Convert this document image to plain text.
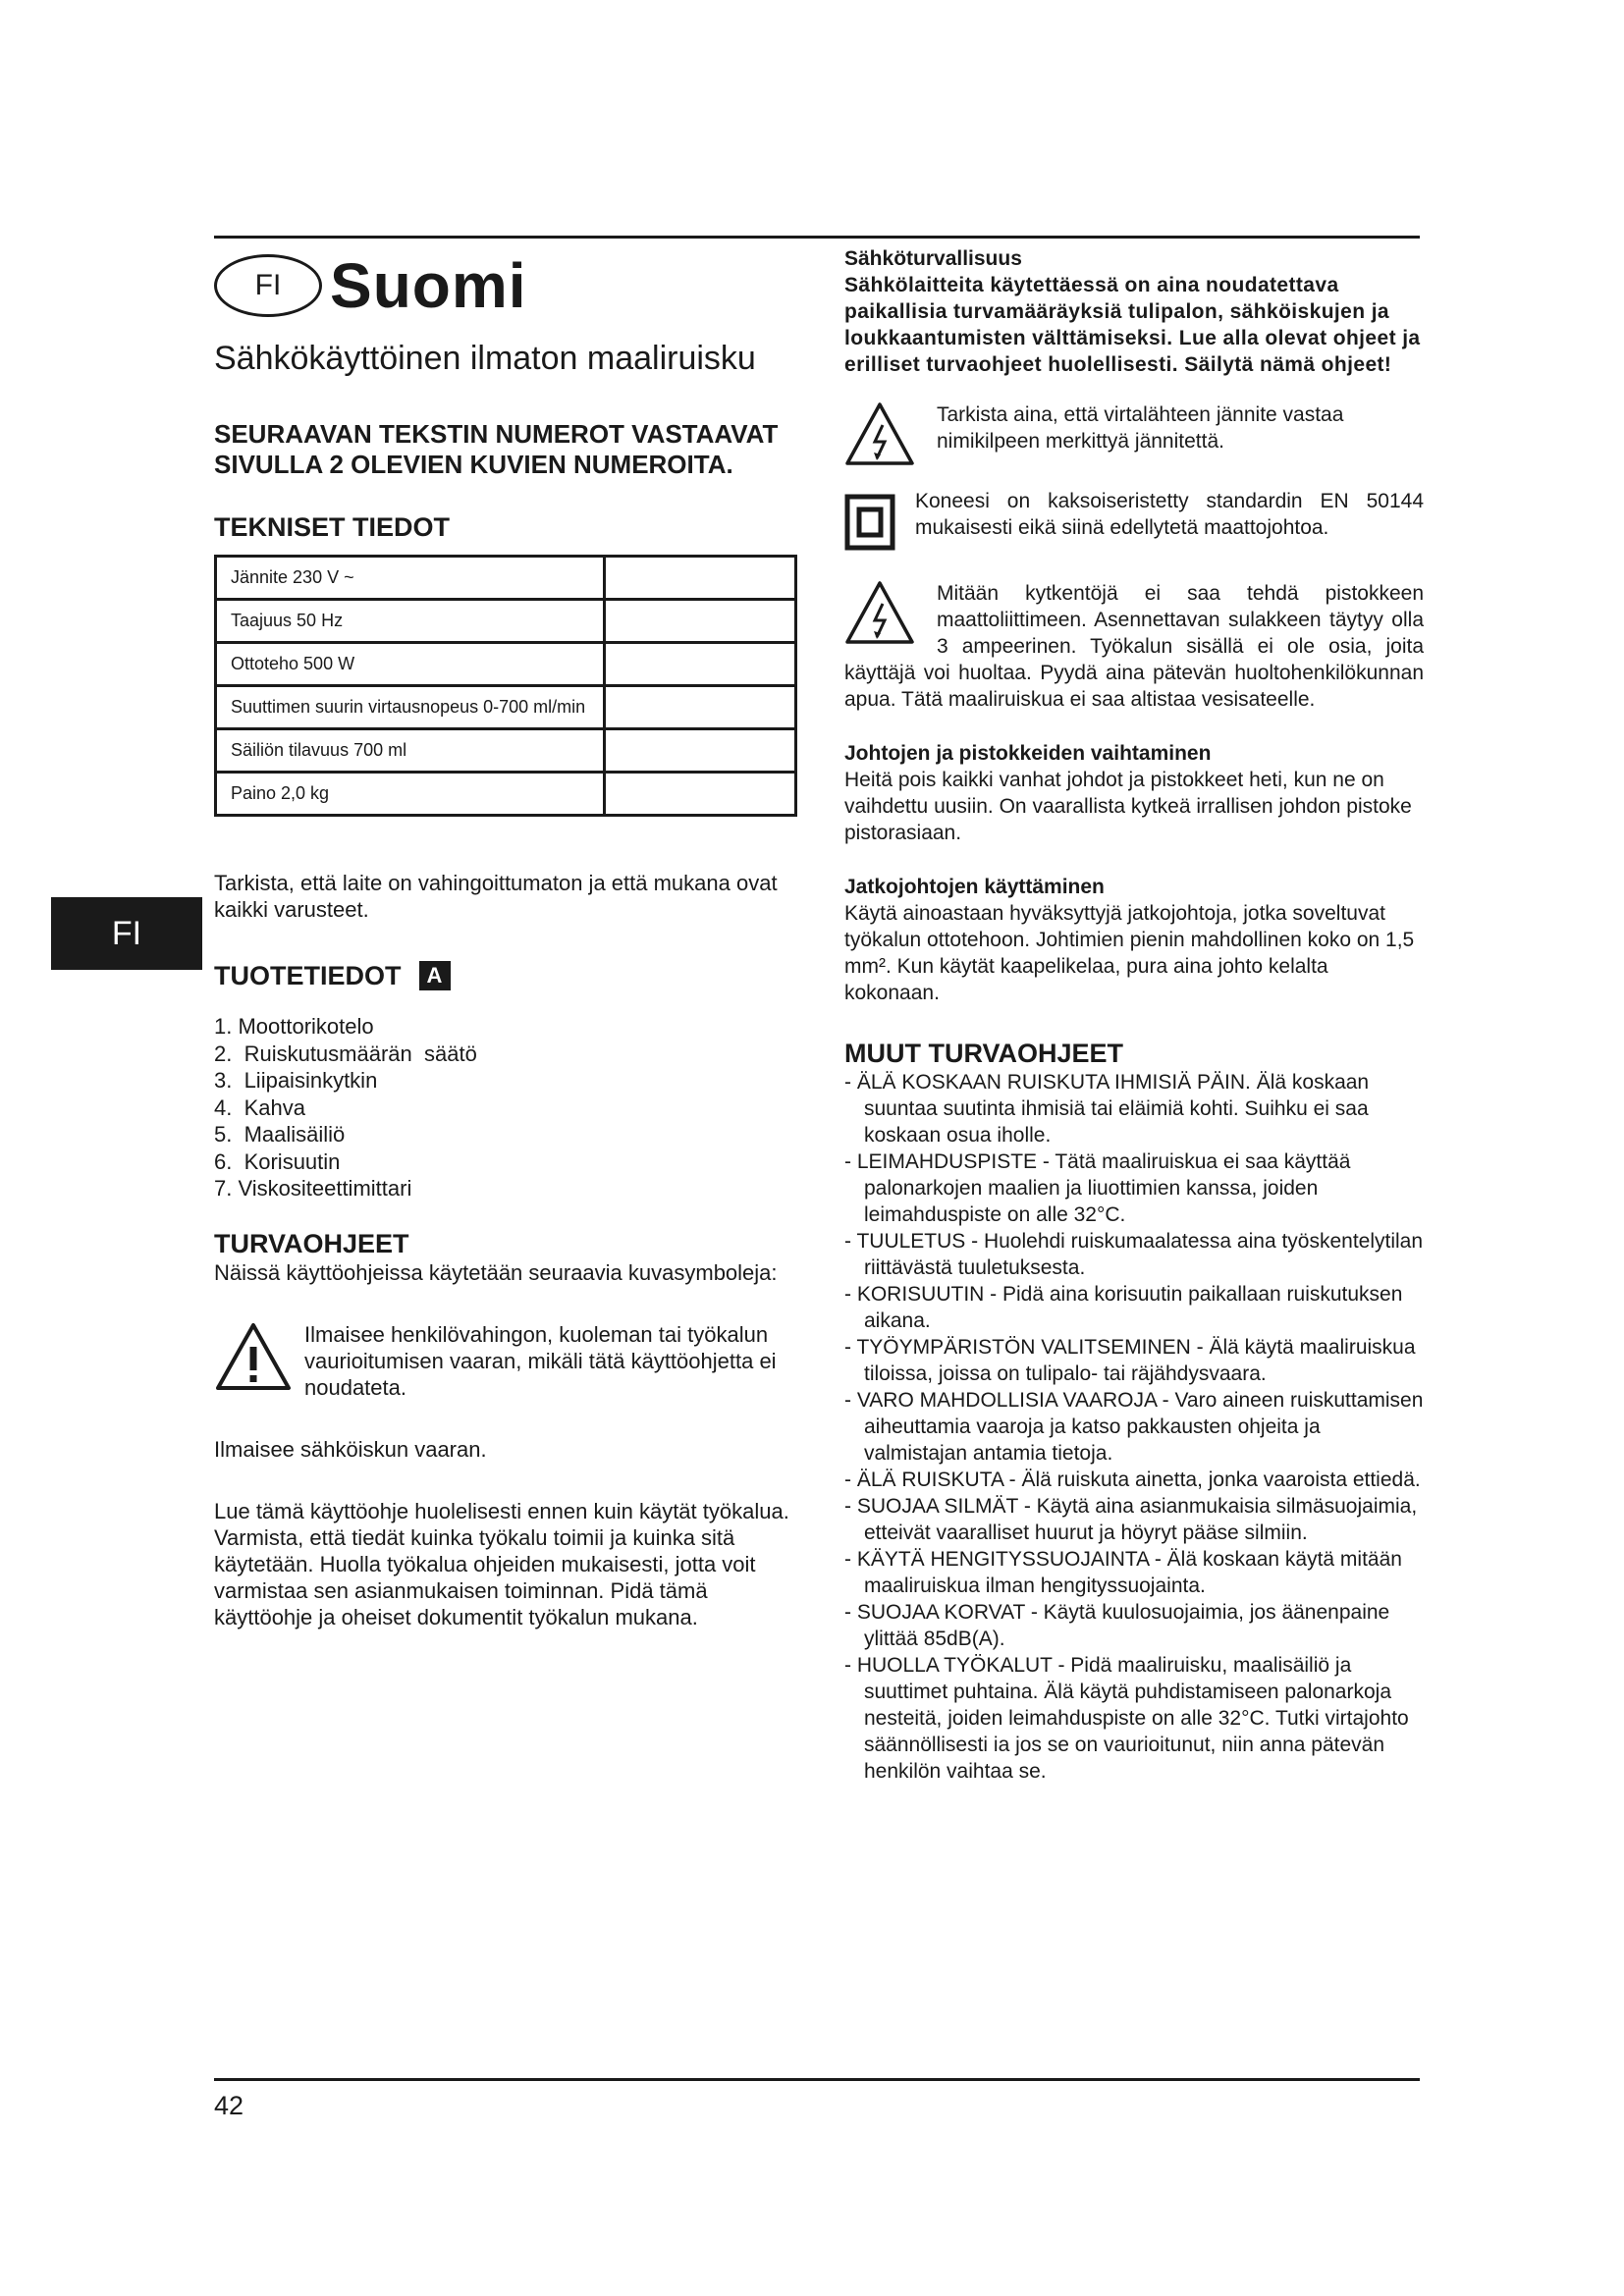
FI
FI Suomi
Sähkökäyttöinen ilmaton maaliruisku
SEURAAVAN TEKSTIN NUMEROT VASTAAVAT SIVULLA 2 OLEVIEN KUVIEN NUMEROITA.
TEKNISET TIEDOT
Jännite 230 V ~	
Taajuus 50 Hz	
Ottoteho 500 W	
Suuttimen suurin virtausnopeus 0-700 ml/min	
Säiliön tilavuus 700 ml	
Paino 2,0 kg	
Tarkista, että laite on vahingoittumaton ja että mukana ovat kaikki varusteet.
TUOTETIEDOT	A
1. Moottorikotelo
2.  Ruiskutusmäärän  säätö
3.  Liipaisinkytkin
4.  Kahva
5.  Maalisäiliö
6.  Korisuutin
7. Viskositeettimittari
TURVAOHJEET
Näissä käyttöohjeissa käytetään seuraavia kuvasymboleja:
Ilmaisee henkilövahingon, kuoleman tai työkalun vaurioitumisen vaaran, mikäli tätä käyttöohjetta ei noudateta.
Ilmaisee sähköiskun vaaran.
Lue tämä käyttöohje huolelisesti ennen kuin käytät työkalua. Varmista, että tiedät kuinka työkalu toimii ja kuinka sitä käytetään. Huolla työkalua ohjeiden mukaisesti, jotta voit varmistaa sen asianmukaisen toiminnan. Pidä tämä käyttöohje ja oheiset dokumentit työkalun mukana.
Sähköturvallisuus
Sähkölaitteita käytettäessä on aina noudatettava paikallisia turvamääräyksiä tulipalon, sähköiskujen ja loukkaantumisten välttämiseksi. Lue alla olevat ohjeet ja erilliset turvaohjeet huolellisesti. Säilytä nämä ohjeet!
Tarkista aina, että virtalähteen jännite vastaa nimikilpeen merkittyä jännitettä.
Koneesi on kaksoiseristetty standardin EN 50144 mukaisesti eikä siinä edellytetä maattojohtoa.
Mitään kytkentöjä ei saa tehdä pistokkeen maattoliittimeen. Asennettavan sulakkeen täytyy olla 3 ampeerinen. Työkalun sisällä ei ole osia, joita käyttäjä voi huoltaa. Pyydä aina pätevän huoltohenkilökunnan apua. Tätä maaliruiskua ei saa altistaa vesisateelle.
Johtojen ja pistokkeiden vaihtaminen
Heitä pois kaikki vanhat johdot ja pistokkeet heti, kun ne on vaihdettu uusiin. On vaarallista kytkeä irrallisen johdon pistoke pistorasiaan.
Jatkojohtojen käyttäminen
Käytä ainoastaan hyväksyttyjä jatkojohtoja, jotka soveltuvat työkalun ottotehoon. Johtimien pienin mahdollinen koko on 1,5 mm². Kun käytät kaapelikelaa, pura aina johto kelalta kokonaan.
MUUT TURVAOHJEET
- ÄLÄ KOSKAAN RUISKUTA IHMISIÄ PÄIN. Älä koskaan suuntaa suutinta ihmisiä tai eläimiä kohti. Suihku ei saa koskaan osua iholle.
- LEIMAHDUSPISTE - Tätä maaliruiskua ei saa käyttää palonarkojen maalien ja liuottimien kanssa, joiden leimahduspiste on alle 32°C.
- TUULETUS - Huolehdi ruiskumaalatessa aina työskentelytilan riittävästä tuuletuksesta.
- KORISUUTIN - Pidä aina korisuutin paikallaan ruiskutuksen aikana.
- TYÖYMPÄRISTÖN VALITSEMINEN - Älä käytä maaliruiskua tiloissa, joissa on tulipalo- tai räjähdysvaara.
- VARO MAHDOLLISIA VAAROJA - Varo aineen ruiskuttamisen aiheuttamia vaaroja ja katso pakkausten ohjeita ja valmistajan antamia tietoja.
- ÄLÄ RUISKUTA - Älä ruiskuta ainetta, jonka vaaroista ettiedä.
- SUOJAA SILMÄT - Käytä aina asianmukaisia silmäsuojaimia, etteivät vaaralliset huurut ja höyryt pääse silmiin.
- KÄYTÄ HENGITYSSUOJAINTA - Älä koskaan käytä mitään maaliruiskua ilman hengityssuojainta.
- SUOJAA KORVAT - Käytä kuulosuojaimia, jos äänenpaine ylittää 85dB(A).
- HUOLLA TYÖKALUT - Pidä maaliruisku, maalisäiliö ja suuttimet puhtaina. Älä käytä puhdistamiseen palonarkoja nesteitä, joiden leimahduspiste on alle 32°C. Tutki virtajohto säännöllisesti ia jos se on vaurioitunut, niin anna pätevän henkilön vaihtaa se.
42
